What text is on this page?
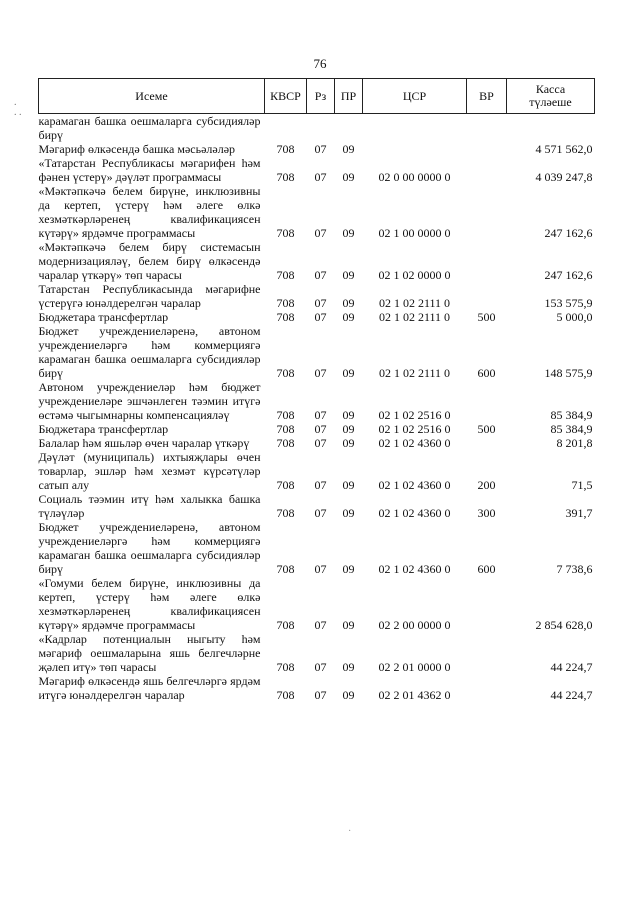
76
.
. .
Исеме	КВСР	Рз	ПР	ЦСР	ВР	Касса
түләеше

карамаган башка оешмаларга субсидияләр бирү						
Мәгариф өлкәсендә башка мәсьәләләр	708	07	09			4 571 562,0
«Татарстан Республикасы мәгарифен һәм фәнен үстерү» дәүләт программасы	708	07	09	02 0 00 0000 0		4 039 247,8
«Мәктәпкәчә белем бирүне, инклюзивны да кертеп, үстерү һәм әлеге өлкә хезмәткәрләренең квалификациясен күтәрү» ярдәмче программасы	708	07	09	02 1 00 0000 0		247 162,6
«Мәктәпкәчә белем бирү системасын модернизацияләү, белем бирү өлкәсендә чаралар үткәрү» төп чарасы	708	07	09	02 1 02 0000 0		247 162,6
Татарстан Республикасында мәгарифне үстерүгә юнәлдерелгән чаралар	708	07	09	02 1 02 2111 0		153 575,9
Бюджетара трансфертлар	708	07	09	02 1 02 2111 0	500	5 000,0
Бюджет учреждениеләренә, автоном учреждениеләргә һәм коммерциягә карамаган башка оешмаларга субсидияләр бирү	708	07	09	02 1 02 2111 0	600	148 575,9
Автоном учреждениеләр һәм бюджет учреждениеләре эшчәнлеген тәэмин итүгә өстәмә чыгымнарны компенсацияләү	708	07	09	02 1 02 2516 0		85 384,9
Бюджетара трансфертлар	708	07	09	02 1 02 2516 0	500	85 384,9
Балалар һәм яшьләр өчен чаралар үткәрү	708	07	09	02 1 02 4360 0		8 201,8
Дәүләт (муниципаль) ихтыяҗлары өчен товарлар, эшләр һәм хезмәт күрсәтүләр сатып алу	708	07	09	02 1 02 4360 0	200	71,5
Социаль тәэмин итү һәм халыкка башка түләүләр	708	07	09	02 1 02 4360 0	300	391,7
Бюджет учреждениеләренә, автоном учреждениеләргә һәм коммерциягә карамаган башка оешмаларга субсидияләр бирү	708	07	09	02 1 02 4360 0	600	7 738,6
«Гомуми белем бирүне, инклюзивны да кертеп, үстерү һәм әлеге өлкә хезмәткәрләренең квалификациясен күтәрү» ярдәмче программасы	708	07	09	02 2 00 0000 0		2 854 628,0
«Кадрлар потенциалын ныгыту һәм мәгариф оешмаларына яшь белгечләрне җәлеп итү» төп чарасы	708	07	09	02 2 01 0000 0		44 224,7
Мәгариф өлкәсендә яшь белгечләргә ярдәм итүгә юнәлдерелгән чаралар	708	07	09	02 2 01 4362 0		44 224,7
·
